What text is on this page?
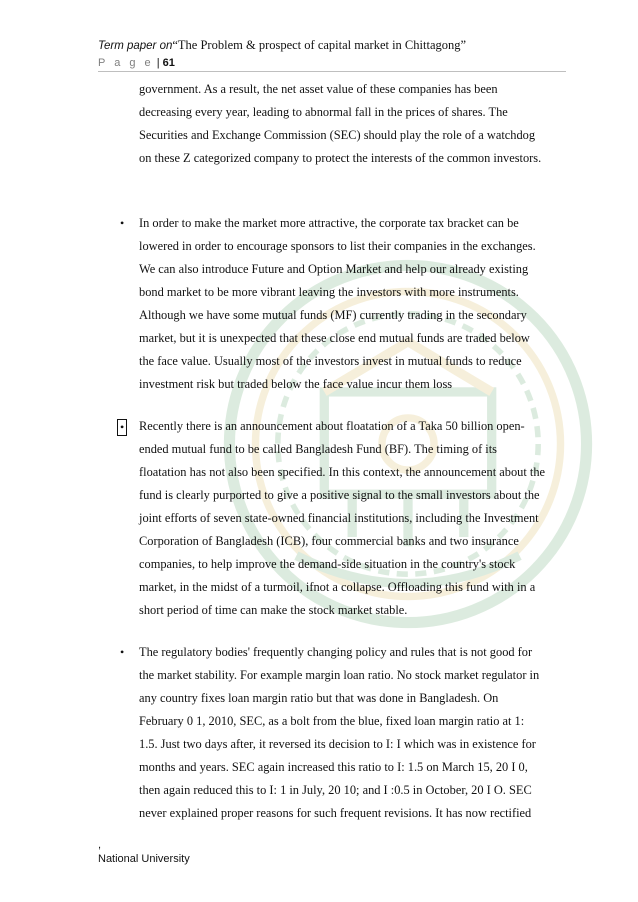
Term paper on“The Problem & prospect of capital market in Chittagong”
P a g e | 61
government. As a result, the net asset value of these companies has been
decreasing every year, leading to abnormal fall in the prices of shares. The
Securities and Exchange Commission (SEC) should play the role of a watchdog
on these Z categorized company to protect the interests of the common investors.
• In order to make the market more attractive, the corporate tax bracket can be
lowered in order to encourage sponsors to list their companies in the exchanges.
We can also introduce Future and Option Market and help our already existing
bond market to be more vibrant leaving the investors with more instruments.
Although we have some mutual funds (MF) currently trading in the secondary
market, but it is unexpected that these close end mutual funds are traded below
the face value. Usually most of the investors invest in mutual funds to reduce
investment risk but traded below the face value incur them loss
• Recently there is an announcement about floatation of a Taka 50 billion open-
ended mutual fund to be called Bangladesh Fund (BF). The timing of its
floatation has not also been specified. In this context, the announcement about the
fund is clearly purported to give a positive signal to the small investors about the
joint efforts of seven state-owned financial institutions, including the Investment
Corporation of Bangladesh (ICB), four commercial banks and two insurance
companies, to help improve the demand-side situation in the country's stock
market, in the midst of a turmoil, ifnot a collapse. Offloading this fund with in a
short period of time can make the stock market stable.
• The regulatory bodies' frequently changing policy and rules that is not good for
the market stability. For example margin loan ratio. No stock market regulator in
any country fixes loan margin ratio but that was done in Bangladesh. On
February 0 1, 2010, SEC, as a bolt from the blue, fixed loan margin ratio at 1:
1.5. Just two days after, it reversed its decision to I: I which was in existence for
months and years. SEC again increased this ratio to I: 1.5 on March 15, 20 I 0,
then again reduced this to I: 1 in July, 20 10; and I :0.5 in October, 20 I O. SEC
never explained proper reasons for such frequent revisions. It has now rectified
,
National University
